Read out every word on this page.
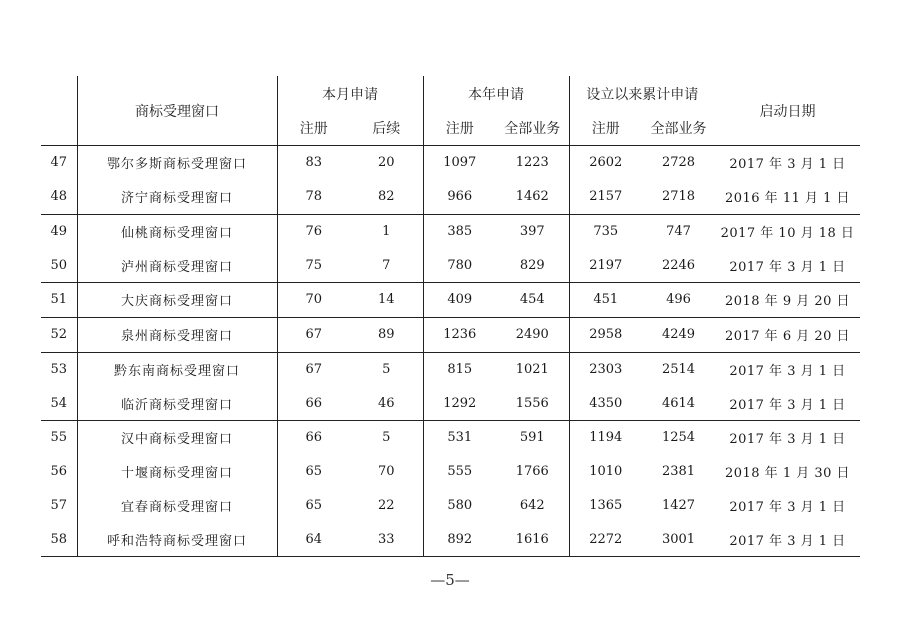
	商标受理窗口	本月申请		本年申请		设立以来累计申请		启动日期
		注册	后续	注册	全部业务	注册	全部业务	
47	鄂尔多斯商标受理窗口	83	20	1097	1223	2602	2728	2017 年 3 月 1 日
48	济宁商标受理窗口	78	82	966	1462	2157	2718	2016 年 11 月 1 日
49	仙桃商标受理窗口	76	1	385	397	735	747	2017 年 10 月 18 日
50	泸州商标受理窗口	75	7	780	829	2197	2246	2017 年 3 月 1 日
51	大庆商标受理窗口	70	14	409	454	451	496	2018 年 9 月 20 日
52	泉州商标受理窗口	67	89	1236	2490	2958	4249	2017 年 6 月 20 日
53	黔东南商标受理窗口	67	5	815	1021	2303	2514	2017 年 3 月 1 日
54	临沂商标受理窗口	66	46	1292	1556	4350	4614	2017 年 3 月 1 日
55	汉中商标受理窗口	66	5	531	591	1194	1254	2017 年 3 月 1 日
56	十堰商标受理窗口	65	70	555	1766	1010	2381	2018 年 1 月 30 日
57	宜春商标受理窗口	65	22	580	642	1365	1427	2017 年 3 月 1 日
58	呼和浩特商标受理窗口	64	33	892	1616	2272	3001	2017 年 3 月 1 日
—5—
